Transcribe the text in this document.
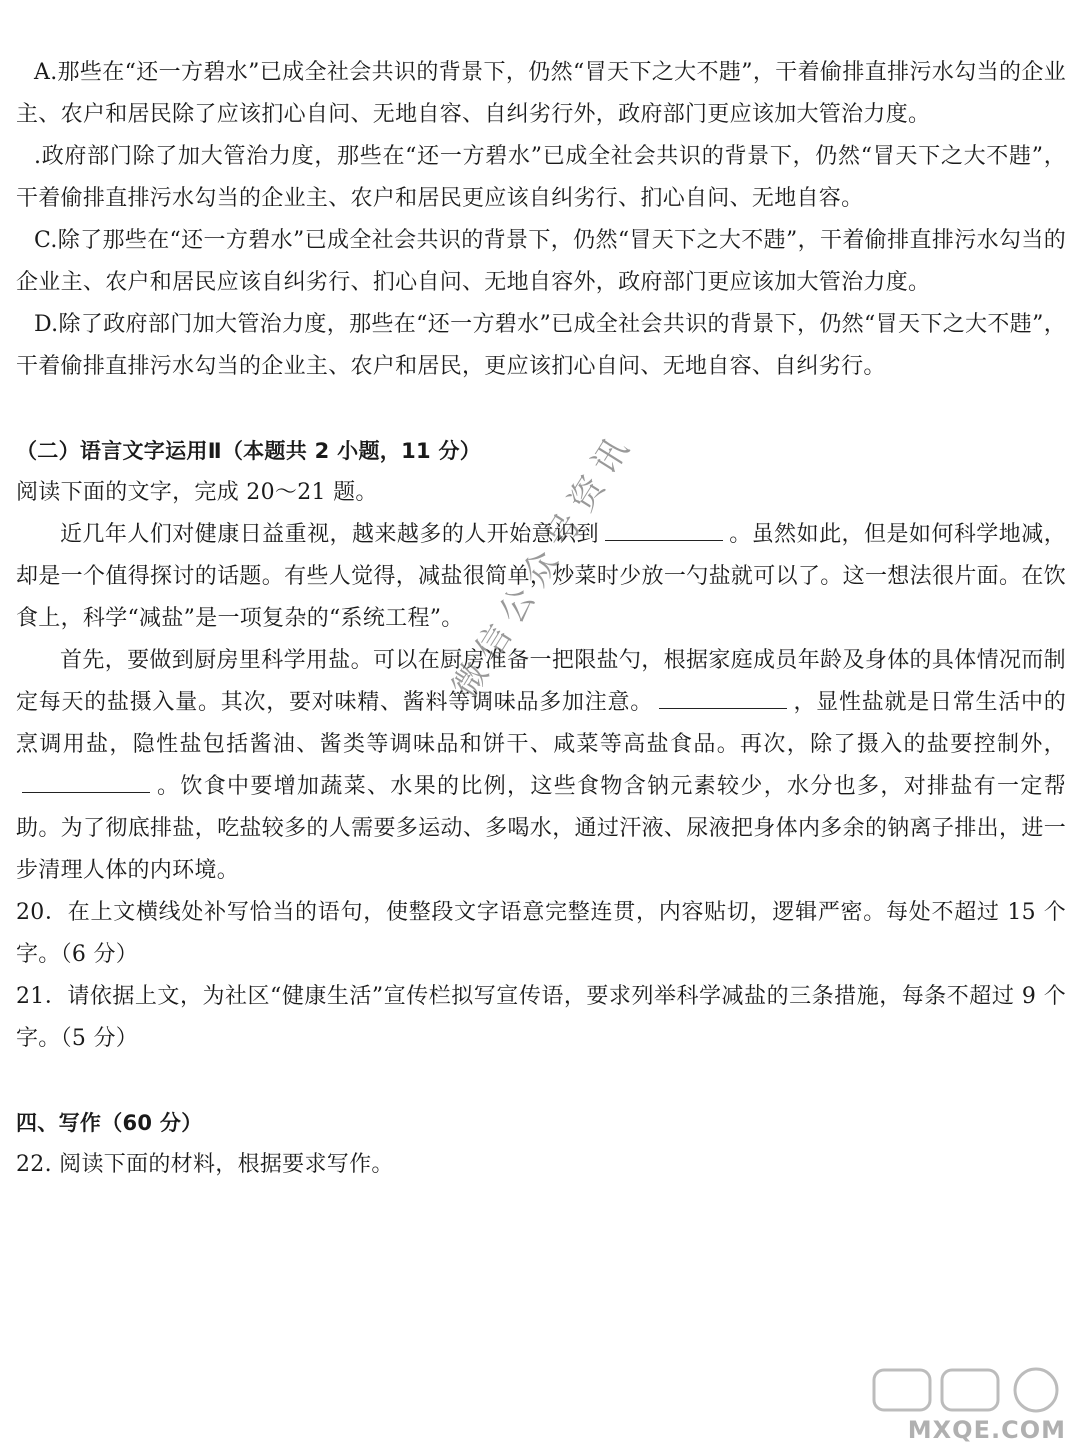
A.那些在“还一方碧水”已成全社会共识的背景下，仍然“冒天下之大不韪”，干着偷排直排污水勾当的企业主、农户和居民除了应该扪心自问、无地自容、自纠劣行外，政府部门更应该加大管治力度。

.政府部门除了加大管治力度，那些在“还一方碧水”已成全社会共识的背景下，仍然“冒天下之大不韪”，干着偷排直排污水勾当的企业主、农户和居民更应该自纠劣行、扪心自问、无地自容。

C.除了那些在“还一方碧水”已成全社会共识的背景下，仍然“冒天下之大不韪”，干着偷排直排污水勾当的企业主、农户和居民应该自纠劣行、扪心自问、无地自容外，政府部门更应该加大管治力度。

D.除了政府部门加大管治力度，那些在“还一方碧水”已成全社会共识的背景下，仍然“冒天下之大不韪”，干着偷排直排污水勾当的企业主、农户和居民，更应该扪心自问、无地自容、自纠劣行。

（二）语言文字运用Ⅱ（本题共 2 小题，11 分）

阅读下面的文字，完成 20～21 题。

近几年人们对健康日益重视，越来越多的人开始意识到	。虽然如此，但是如何科学地减，却是一个值得探讨的话题。有些人觉得，减盐很简单，炒菜时少放一勺盐就可以了。这一想法很片面。在饮食上，科学“减盐”是一项复杂的“系统工程”。

首先，要做到厨房里科学用盐。可以在厨房准备一把限盐勺，根据家庭成员年龄及身体的具体情况而制定每天的盐摄入量。其次，要对味精、酱料等调味品多加注意。	，显性盐就是日常生活中的烹调用盐，隐性盐包括酱油、酱类等调味品和饼干、咸菜等高盐食品。再次，除了摄入的盐要控制外，。饮食中要增加蔬菜、水果的比例，这些食物含钠元素较少，水分也多，对排盐有一定帮助。为了彻底排盐，吃盐较多的人需要多运动、多喝水，通过汗液、尿液把身体内多余的钠离子排出，进一步清理人体的内环境。

20．在上文横线处补写恰当的语句，使整段文字语意完整连贯，内容贴切，逻辑严密。每处不超过 15 个字。（6 分）

21．请依据上文，为社区“健康生活”宣传栏拟写宣传语，要求列举科学减盐的三条措施，每条不超过 9 个字。（5 分）

四、写作（60 分）

22. 阅读下面的材料，根据要求写作。

微信公众号资讯
MXQE.COM
